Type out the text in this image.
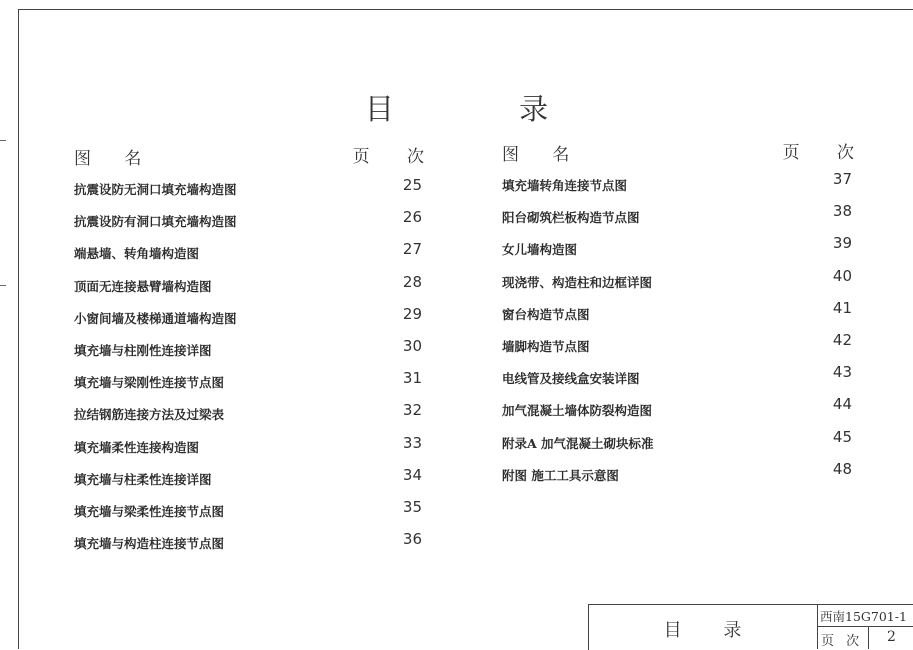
目 录
图 名	页 次
抗震设防无洞口填充墙构造图	25
抗震设防有洞口填充墙构造图	26
端悬墙、转角墙构造图	27
顶面无连接悬臂墙构造图	28
小窗间墙及楼梯通道墙构造图	29
填充墙与柱刚性连接详图	30
填充墙与梁刚性连接节点图	31
拉结钢筋连接方法及过梁表	32
填充墙柔性连接构造图	33
填充墙与柱柔性连接详图	34
填充墙与梁柔性连接节点图	35
填充墙与构造柱连接节点图	36
图 名	页 次
填充墙转角连接节点图	37
阳台砌筑栏板构造节点图	38
女儿墙构造图	39
现浇带、构造柱和边框详图	40
窗台构造节点图	41
墙脚构造节点图	42
电线管及接线盒安装详图	43
加气混凝土墙体防裂构造图	44
附录A 加气混凝土砌块标准	45
附图 施工工具示意图	48
目 录
西南15G701-1
页 次	2
